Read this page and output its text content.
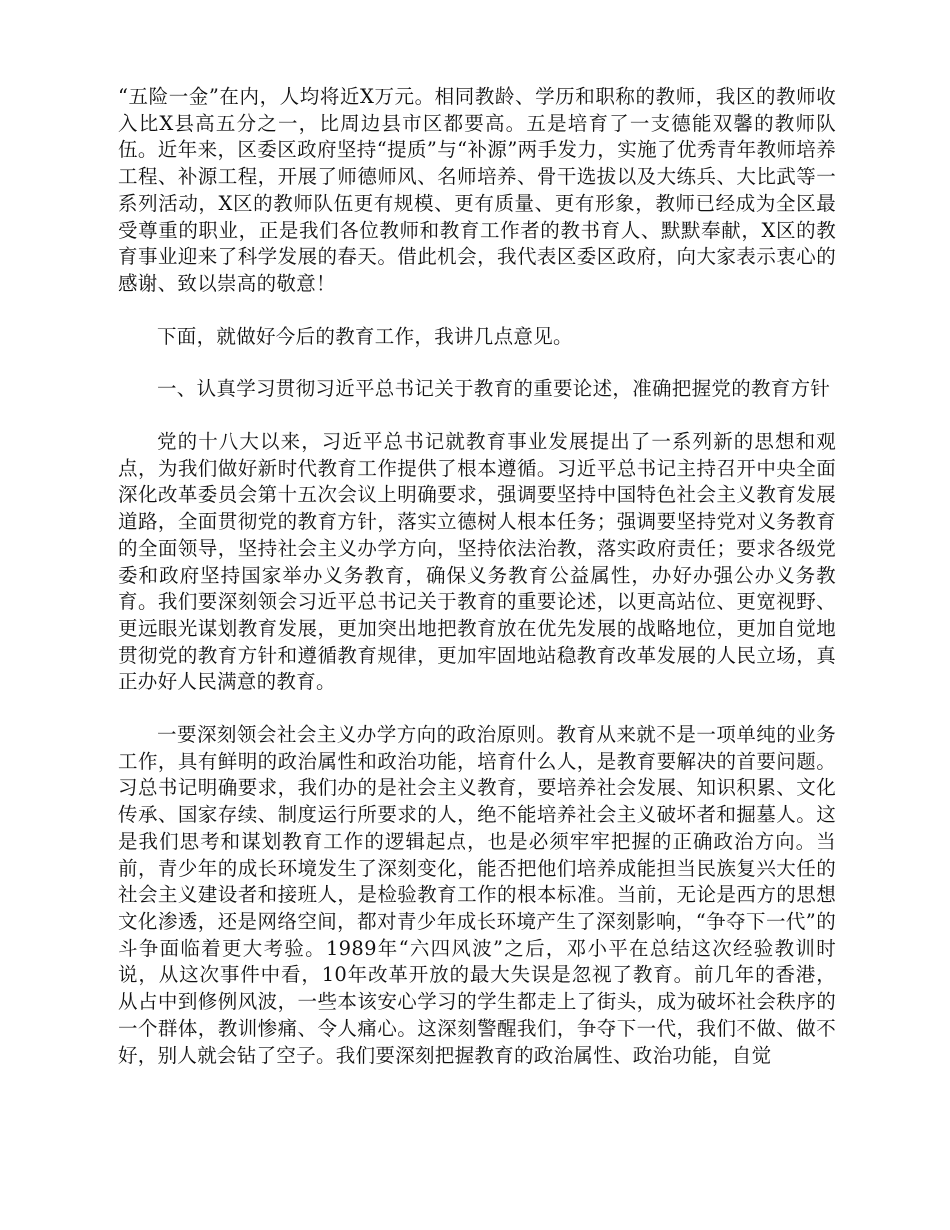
“五险一金”在内，人均将近X万元。相同教龄、学历和职称的教师，我区的教师收入比X县高五分之一，比周边县市区都要高。五是培育了一支德能双馨的教师队伍。近年来，区委区政府坚持“提质”与“补源”两手发力，实施了优秀青年教师培养工程、补源工程，开展了师德师风、名师培养、骨干选拔以及大练兵、大比武等一系列活动，X区的教师队伍更有规模、更有质量、更有形象，教师已经成为全区最受尊重的职业，正是我们各位教师和教育工作者的教书育人、默默奉献，X区的教育事业迎来了科学发展的春天。借此机会，我代表区委区政府，向大家表示衷心的感谢、致以崇高的敬意！

下面，就做好今后的教育工作，我讲几点意见。

一、认真学习贯彻习近平总书记关于教育的重要论述，准确把握党的教育方针

党的十八大以来，习近平总书记就教育事业发展提出了一系列新的思想和观点，为我们做好新时代教育工作提供了根本遵循。习近平总书记主持召开中央全面深化改革委员会第十五次会议上明确要求，强调要坚持中国特色社会主义教育发展道路，全面贯彻党的教育方针，落实立德树人根本任务；强调要坚持党对义务教育的全面领导，坚持社会主义办学方向，坚持依法治教，落实政府责任；要求各级党委和政府坚持国家举办义务教育，确保义务教育公益属性，办好办强公办义务教育。我们要深刻领会习近平总书记关于教育的重要论述，以更高站位、更宽视野、更远眼光谋划教育发展，更加突出地把教育放在优先发展的战略地位，更加自觉地贯彻党的教育方针和遵循教育规律，更加牢固地站稳教育改革发展的人民立场，真正办好人民满意的教育。

一要深刻领会社会主义办学方向的政治原则。教育从来就不是一项单纯的业务工作，具有鲜明的政治属性和政治功能，培育什么人，是教育要解决的首要问题。习总书记明确要求，我们办的是社会主义教育，要培养社会发展、知识积累、文化传承、国家存续、制度运行所要求的人，绝不能培养社会主义破坏者和掘墓人。这是我们思考和谋划教育工作的逻辑起点，也是必须牢牢把握的正确政治方向。当前，青少年的成长环境发生了深刻变化，能否把他们培养成能担当民族复兴大任的社会主义建设者和接班人，是检验教育工作的根本标准。当前，无论是西方的思想文化渗透，还是网络空间，都对青少年成长环境产生了深刻影响，“争夺下一代”的斗争面临着更大考验。1989年“六四风波”之后，邓小平在总结这次经验教训时说，从这次事件中看，10年改革开放的最大失误是忽视了教育。前几年的香港，从占中到修例风波，一些本该安心学习的学生都走上了街头，成为破坏社会秩序的一个群体，教训惨痛、令人痛心。这深刻警醒我们，争夺下一代，我们不做、做不好，别人就会钻了空子。我们要深刻把握教育的政治属性、政治功能，自觉
